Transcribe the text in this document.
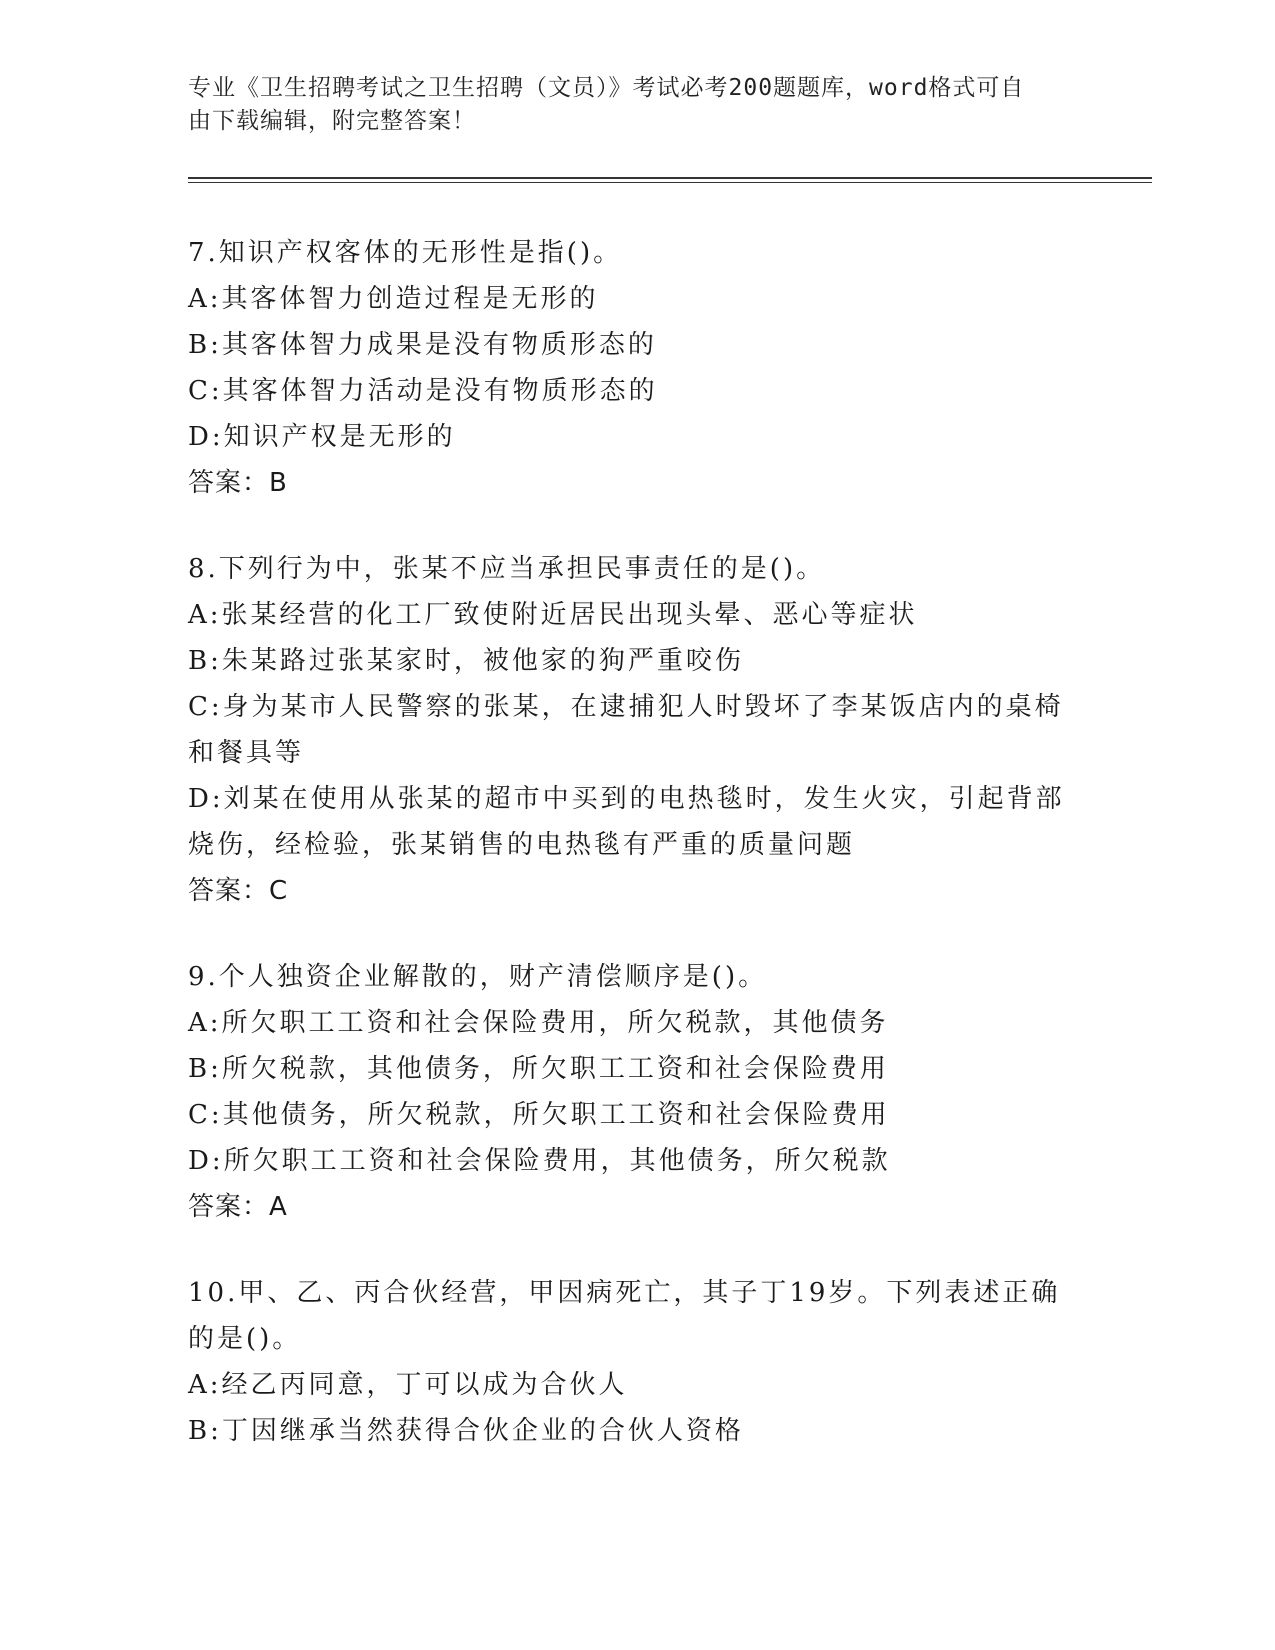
专业《卫生招聘考试之卫生招聘（文员）》考试必考200题题库，word格式可自
由下载编辑，附完整答案！
7.知识产权客体的无形性是指()。
A:其客体智力创造过程是无形的
B:其客体智力成果是没有物质形态的
C:其客体智力活动是没有物质形态的
D:知识产权是无形的
答案：B
8.下列行为中，张某不应当承担民事责任的是()。
A:张某经营的化工厂致使附近居民出现头晕、恶心等症状
B:朱某路过张某家时，被他家的狗严重咬伤
C:身为某市人民警察的张某，在逮捕犯人时毁坏了李某饭店内的桌椅
和餐具等
D:刘某在使用从张某的超市中买到的电热毯时，发生火灾，引起背部
烧伤，经检验，张某销售的电热毯有严重的质量问题
答案：C
9.个人独资企业解散的，财产清偿顺序是()。
A:所欠职工工资和社会保险费用，所欠税款，其他债务
B:所欠税款，其他债务，所欠职工工资和社会保险费用
C:其他债务，所欠税款，所欠职工工资和社会保险费用
D:所欠职工工资和社会保险费用，其他债务，所欠税款
答案：A
10.甲、乙、丙合伙经营，甲因病死亡，其子丁19岁。下列表述正确
的是()。
A:经乙丙同意，丁可以成为合伙人
B:丁因继承当然获得合伙企业的合伙人资格
